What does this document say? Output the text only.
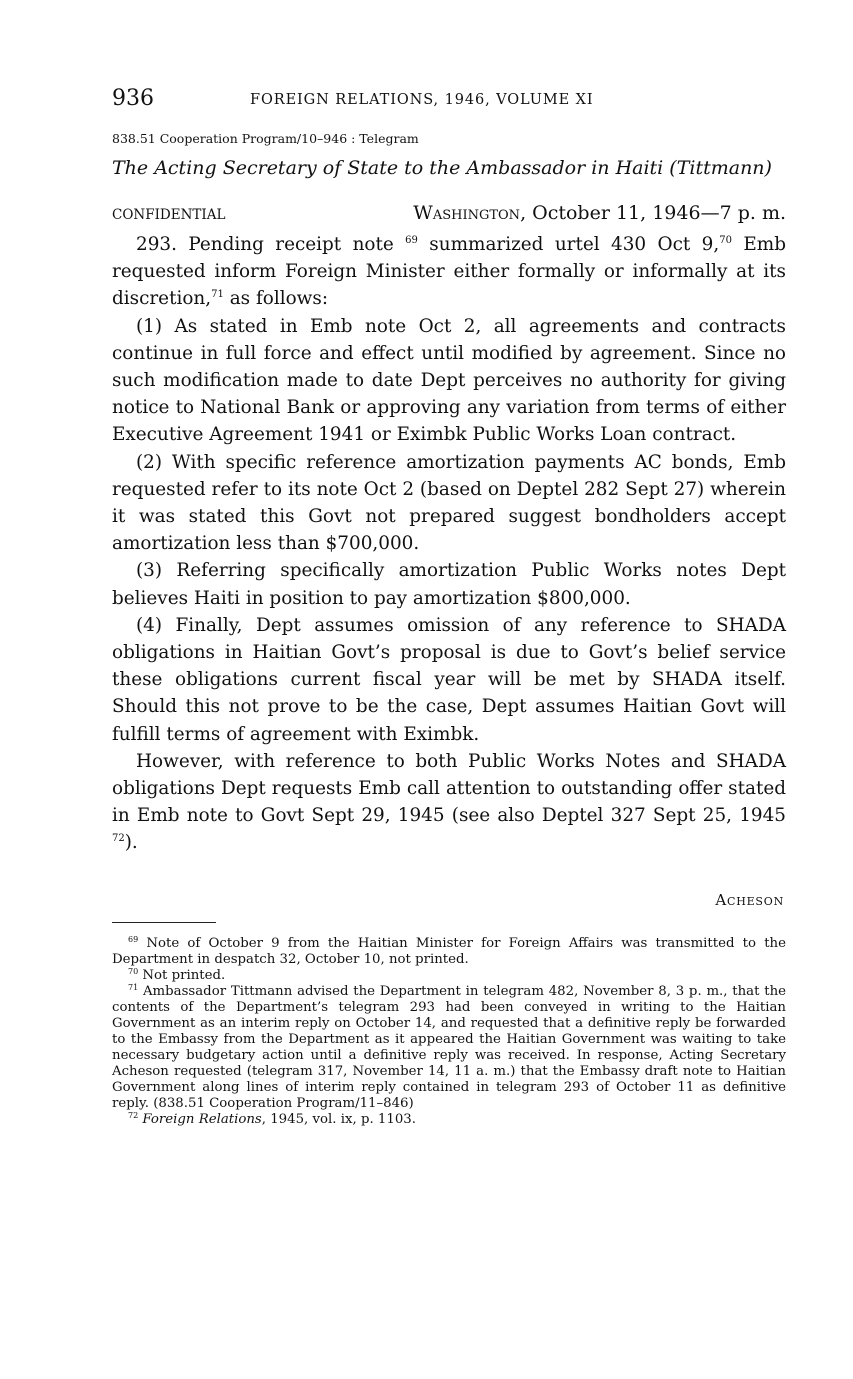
936	FOREIGN RELATIONS, 1946, VOLUME XI
838.51 Cooperation Program/10–946 : Telegram
The Acting Secretary of State to the Ambassador in Haiti (Tittmann)
CONFIDENTIAL	Washington, October 11, 1946—7 p. m.

293. Pending receipt note $^{69}$ summarized urtel 430 Oct 9,70 Emb requested inform Foreign Minister either formally or informally at its discretion,$^{71}$ as follows:

(1) As stated in Emb note Oct 2, all agreements and contracts continue in full force and effect until modified by agreement. Since no such modification made to date Dept perceives no authority for giving notice to National Bank or approving any variation from terms of either Executive Agreement 1941 or Eximbk Public Works Loan contract.

(2) With specific reference amortization payments AC bonds, Emb requested refer to its note Oct 2 (based on Deptel 282 Sept 27) wherein it was stated this Govt not prepared suggest bondholders accept amortization less than $700,000.

(3) Referring specifically amortization Public Works notes Dept believes Haiti in position to pay amortization $800,000.

(4) Finally, Dept assumes omission of any reference to SHADA obligations in Haitian Govt’s proposal is due to Govt’s belief service these obligations current fiscal year will be met by SHADA itself. Should this not prove to be the case, Dept assumes Haitian Govt will fulfill terms of agreement with Eximbk.

However, with reference to both Public Works Notes and SHADA obligations Dept requests Emb call attention to outstanding offer stated in Emb note to Govt Sept 29, 1945 (see also Deptel 327 Sept 25, 1945 $^{72}$).

Acheson

$^{69}$ Note of October 9 from the Haitian Minister for Foreign Affairs was transmitted to the Department in despatch 32, October 10, not printed.

$^{70}$ Not printed.

$^{71}$ Ambassador Tittmann advised the Department in telegram 482, November 8, 3 p. m., that the contents of the Department’s telegram 293 had been conveyed in writing to the Haitian Government as an interim reply on October 14, and requested that a definitive reply be forwarded to the Embassy from the Department as it appeared the Haitian Government was waiting to take necessary budgetary action until a definitive reply was received. In response, Acting Secretary Acheson requested (telegram 317, November 14, 11 a. m.) that the Embassy draft note to Haitian Government along lines of interim reply contained in telegram 293 of October 11 as definitive reply. (838.51 Cooperation Program/11–846)

$^{72}$ Foreign Relations, 1945, vol. ix, p. 1103.
